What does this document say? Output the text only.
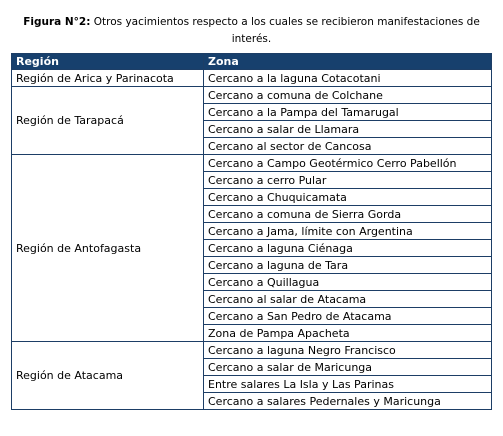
Figura N°2: Otros yacimientos respecto a los cuales se recibieron manifestaciones de interés.
Región	Zona
Región de Arica y Parinacota	Cercano a la laguna Cotacotani
Región de Tarapacá	Cercano a comuna de Colchane
	Cercano a la Pampa del Tamarugal
	Cercano a salar de Llamara
	Cercano al sector de Cancosa
Región de Antofagasta	Cercano a Campo Geotérmico Cerro Pabellón
	Cercano a cerro Pular
	Cercano a Chuquicamata
	Cercano a comuna de Sierra Gorda
	Cercano a Jama, límite con Argentina
	Cercano a laguna Ciénaga
	Cercano a laguna de Tara
	Cercano a Quillagua
	Cercano al salar de Atacama
	Cercano a San Pedro de Atacama
	Zona de Pampa Apacheta
Región de Atacama	Cercano a laguna Negro Francisco
	Cercano a salar de Maricunga
	Entre salares La Isla y Las Parinas
	Cercano a salares Pedernales y Maricunga
